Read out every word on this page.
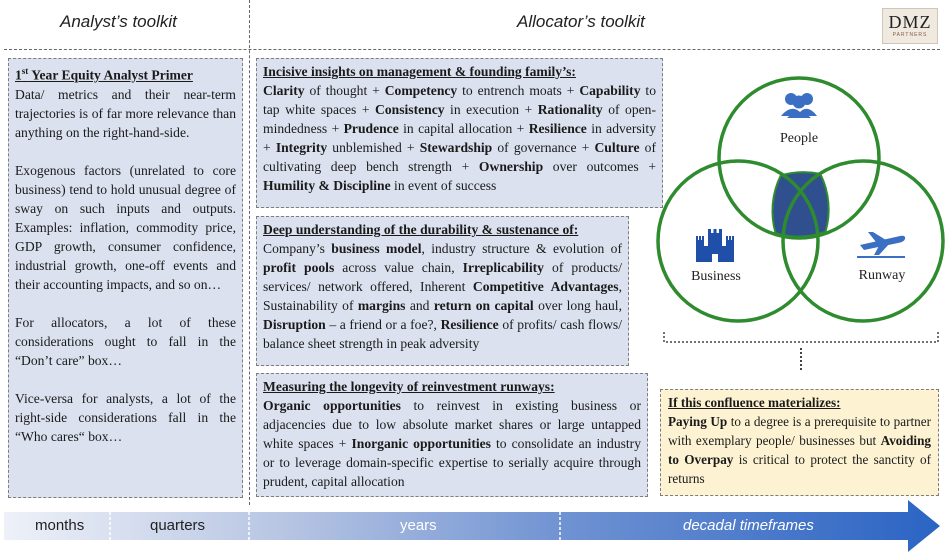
Analyst’s toolkit	Allocator’s toolkit	DMZ
PARTNERS
1st Year Equity Analyst Primer

Data/ metrics and their near-term trajectories is of far more relevance than anything on the right-hand-side.

Exogenous factors (unrelated to core business) tend to hold unusual degree of sway on such inputs and outputs. Examples: inflation, commodity price, GDP growth, consumer confidence, industrial growth, one-off events and their accounting impacts, and so on…

For allocators, a lot of these considerations ought to fall in the “Don’t care” box…

Vice-versa for analysts, a lot of the right-side considerations fall in the “Who cares“ box…

Incisive insights on management & founding family’s:
Clarity of thought + Competency to entrench moats + Capability to tap white spaces + Consistency in execution + Rationality of open-mindedness + Prudence in capital allocation + Resilience in adversity + Integrity unblemished + Stewardship of governance + Culture of cultivating deep bench strength + Ownership over outcomes + Humility & Discipline in event of success
Deep understanding of the durability & sustenance of:
Company’s business model, industry structure & evolution of profit pools across value chain, Irreplicability of products/ services/ network offered, Inherent Competitive Advantages, Sustainability of margins and return on capital over long haul, Disruption – a friend or a foe?, Resilience of profits/ cash flows/ balance sheet strength in peak adversity
Measuring the longevity of reinvestment runways:
Organic opportunities to reinvest in existing business or adjacencies due to low absolute market shares or large untapped white spaces + Inorganic opportunities to consolidate an industry or to leverage domain-specific expertise to serially acquire through prudent, capital allocation
People
Business	Runway
If this confluence materializes:
Paying Up to a degree is a prerequisite to partner with exemplary people/ businesses but Avoiding to Overpay is critical to protect the sanctity of returns
months	quarters	years	decadal timeframes
